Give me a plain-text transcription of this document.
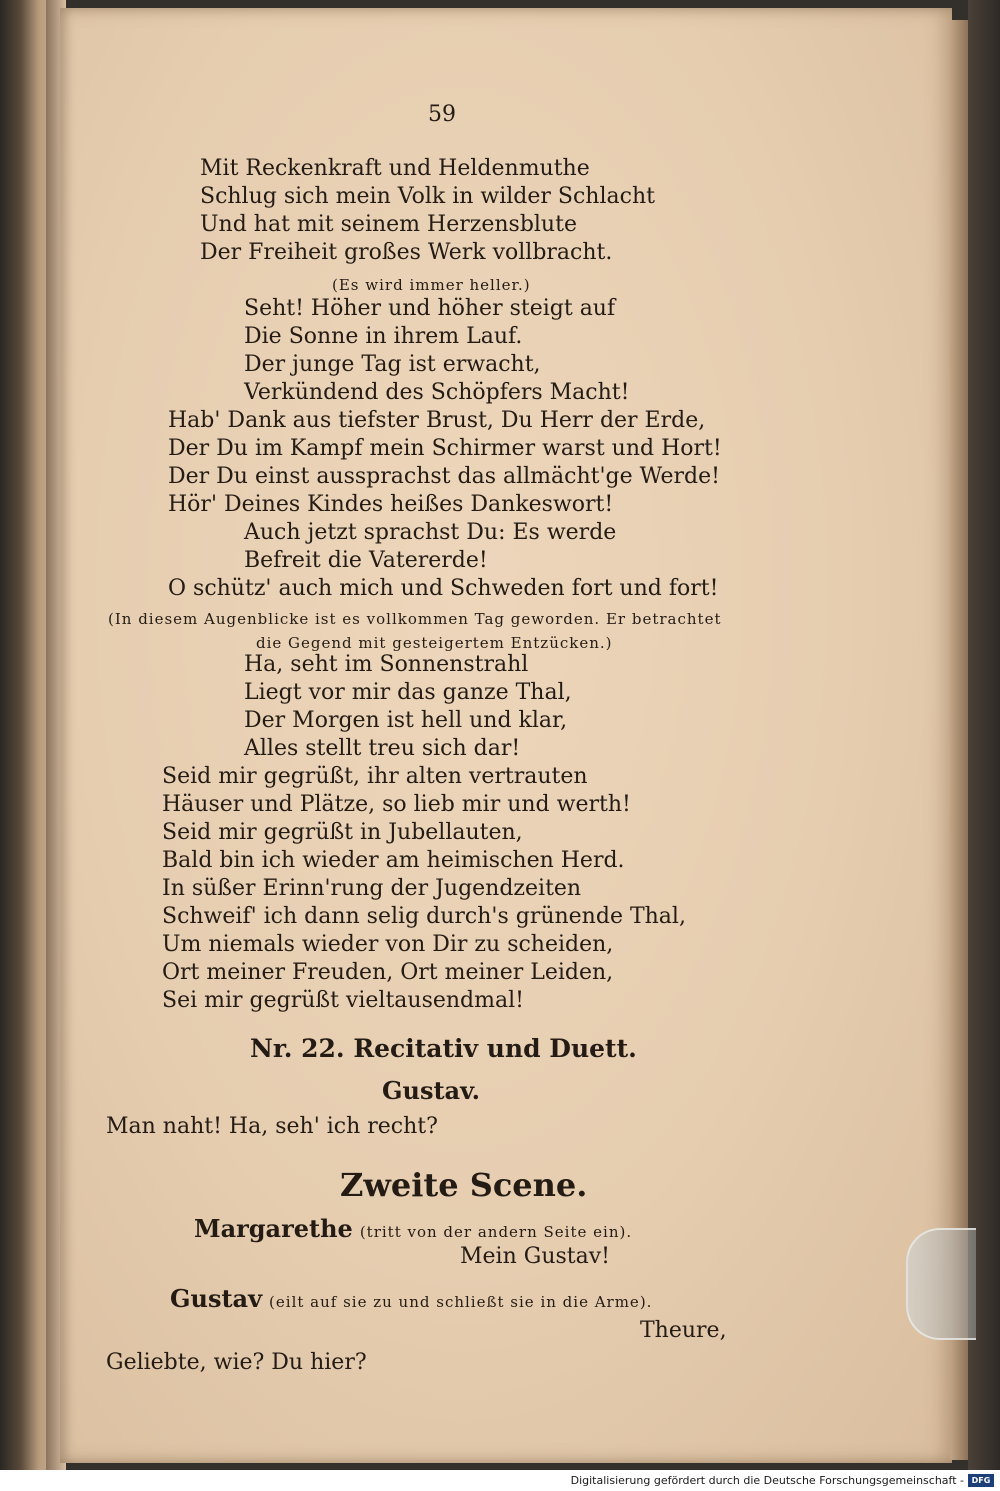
59
Mit Reckenkraft und Heldenmuthe
Schlug sich mein Volk in wilder Schlacht
Und hat mit seinem Herzensblute
Der Freiheit großes Werk vollbracht.
(Es wird immer heller.)
Seht! Höher und höher steigt auf
Die Sonne in ihrem Lauf.
Der junge Tag ist erwacht,
Verkündend des Schöpfers Macht!
Hab' Dank aus tiefster Brust, Du Herr der Erde,
Der Du im Kampf mein Schirmer warst und Hort!
Der Du einst aussprachst das allmächt'ge Werde!
Hör' Deines Kindes heißes Dankeswort!
Auch jetzt sprachst Du: Es werde
Befreit die Vatererde!
O schütz' auch mich und Schweden fort und fort!
(In diesem Augenblicke ist es vollkommen Tag geworden. Er betrachtet
die Gegend mit gesteigertem Entzücken.)
Ha, seht im Sonnenstrahl
Liegt vor mir das ganze Thal,
Der Morgen ist hell und klar,
Alles stellt treu sich dar!
Seid mir gegrüßt, ihr alten vertrauten
Häuser und Plätze, so lieb mir und werth!
Seid mir gegrüßt in Jubellauten,
Bald bin ich wieder am heimischen Herd.
In süßer Erinn'rung der Jugendzeiten
Schweif' ich dann selig durch's grünende Thal,
Um niemals wieder von Dir zu scheiden,
Ort meiner Freuden, Ort meiner Leiden,
Sei mir gegrüßt vieltausendmal!
Nr. 22. Recitativ und Duett.
Gustav.
Man naht! Ha, seh' ich recht?
Zweite Scene.
Margarethe (tritt von der andern Seite ein).
Mein Gustav!
Gustav (eilt auf sie zu und schließt sie in die Arme).
Theure,
Geliebte, wie? Du hier?
Digitalisierung gefördert durch die Deutsche Forschungsgemeinschaft - DFG
